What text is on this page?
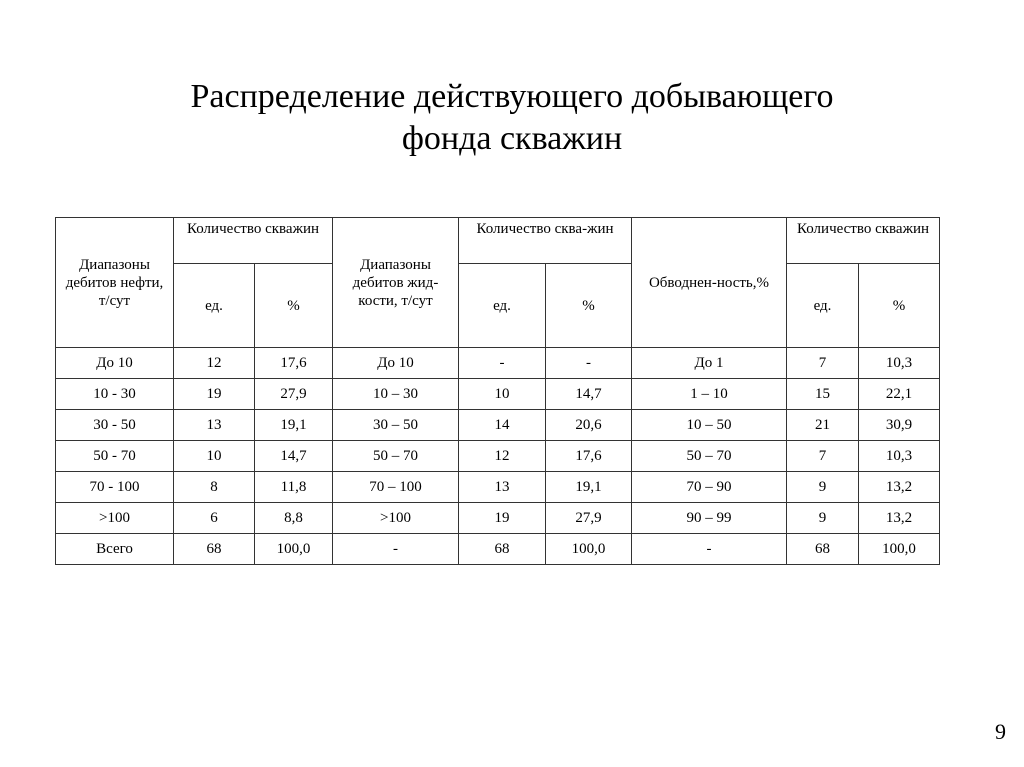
Распределение действующего добывающего
фонда скважин
Диапазоны дебитов нефти, т/сут	Количество скважин		Диапазоны дебитов жид-кости, т/сут	Количество сква-жин		Обводнен-ность,%	Количество скважин	
	ед.	%		ед.	%		ед.	%
До 10	12	17,6	До 10	-	-	До 1	7	10,3
10 - 30	19	27,9	10 – 30	10	14,7	1 – 10	15	22,1
30 - 50	13	19,1	30 – 50	14	20,6	10 – 50	21	30,9
50 - 70	10	14,7	50 – 70	12	17,6	50 – 70	7	10,3
70 - 100	8	11,8	70 – 100	13	19,1	70 – 90	9	13,2
>100	6	8,8	>100	19	27,9	90 – 99	9	13,2
Всего	68	100,0	-	68	100,0	-	68	100,0
9
